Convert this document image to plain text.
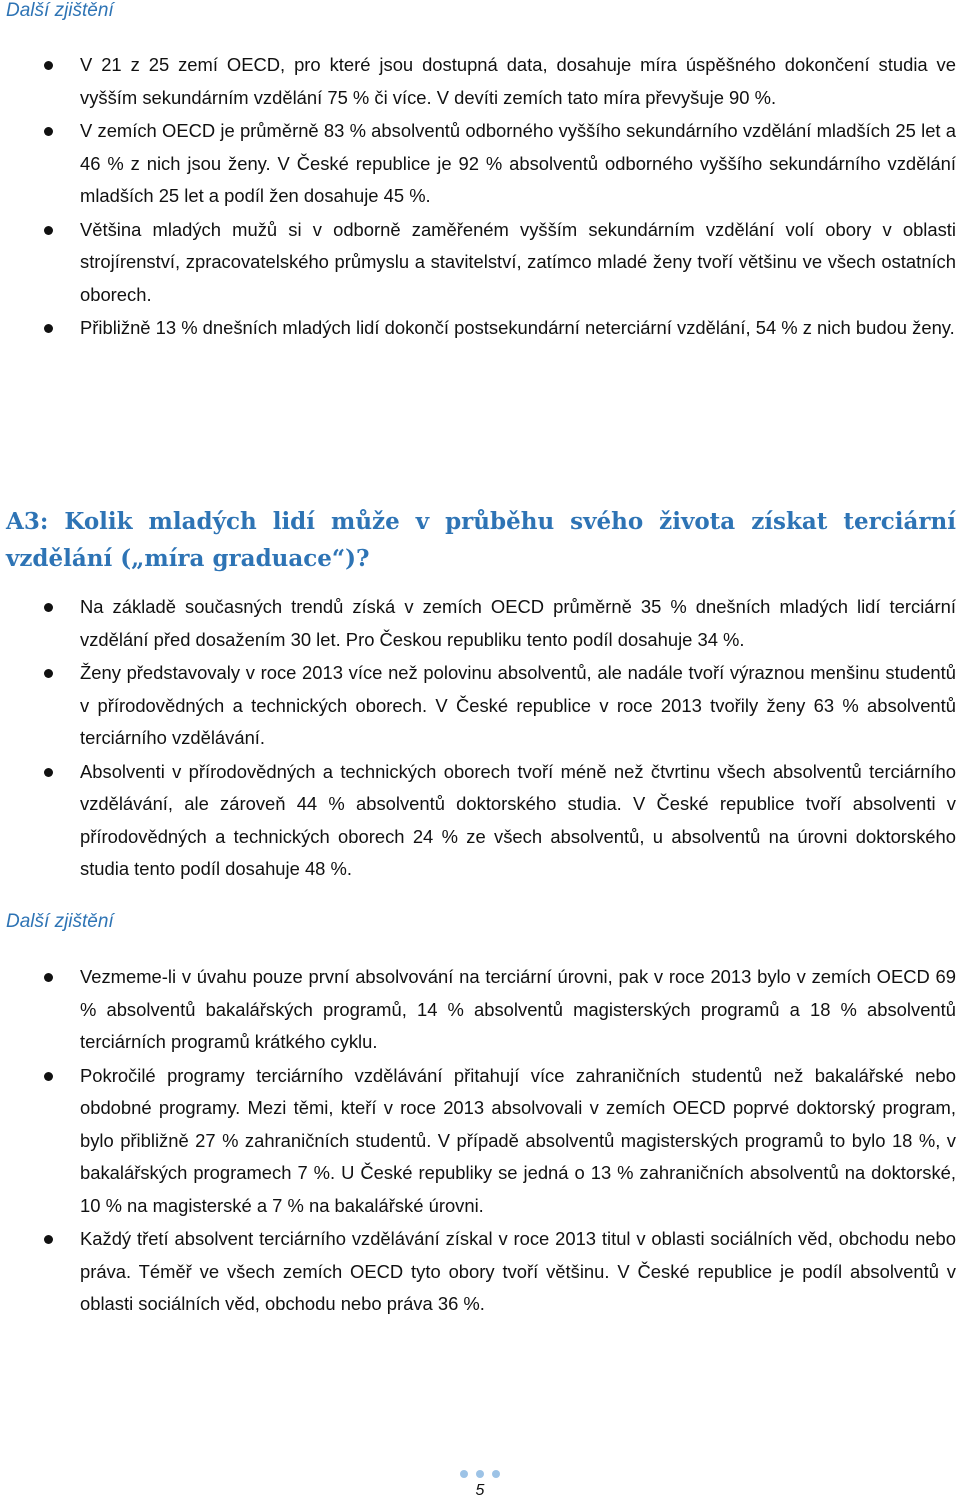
Další zjištění
V 21 z 25 zemí OECD, pro které jsou dostupná data, dosahuje míra úspěšného dokončení studia ve vyšším sekundárním vzdělání 75 % či více. V devíti zemích tato míra převyšuje 90 %.
V zemích OECD je průměrně 83 % absolventů odborného vyššího sekundárního vzdělání mladších 25 let a 46 % z nich jsou ženy. V České republice je 92 % absolventů odborného vyššího sekundárního vzdělání mladších 25 let a podíl žen dosahuje 45 %.
Většina mladých mužů si v odborně zaměřeném vyšším sekundárním vzdělání volí obory v oblasti strojírenství, zpracovatelského průmyslu a stavitelství, zatímco mladé ženy tvoří většinu ve všech ostatních oborech.
Přibližně 13 % dnešních mladých lidí dokončí postsekundární neterciární vzdělání, 54 % z nich budou ženy.
A3: Kolik mladých lidí může v průběhu svého života získat terciární vzdělání („míra graduace“)?
Na základě současných trendů získá v zemích OECD průměrně 35 % dnešních mladých lidí terciární vzdělání před dosažením 30 let. Pro Českou republiku tento podíl dosahuje 34 %.
Ženy představovaly v roce 2013 více než polovinu absolventů, ale nadále tvoří výraznou menšinu studentů v přírodovědných a technických oborech. V České republice v roce 2013 tvořily ženy 63 % absolventů terciárního vzdělávání.
Absolventi v přírodovědných a technických oborech tvoří méně než čtvrtinu všech absolventů terciárního vzdělávání, ale zároveň 44 % absolventů doktorského studia. V České republice tvoří absolventi v přírodovědných a technických oborech 24 % ze všech absolventů, u absolventů na úrovni doktorského studia tento podíl dosahuje 48 %.
Další zjištění
Vezmeme-li v úvahu pouze první absolvování na terciární úrovni, pak v roce 2013 bylo v zemích OECD 69 % absolventů bakalářských programů, 14 % absolventů magisterských programů a 18 % absolventů terciárních programů krátkého cyklu.
Pokročilé programy terciárního vzdělávání přitahují více zahraničních studentů než bakalářské nebo obdobné programy. Mezi těmi, kteří v roce 2013 absolvovali v zemích OECD poprvé doktorský program, bylo přibližně 27 % zahraničních studentů. V případě absolventů magisterských programů to bylo 18 %, v bakalářských programech 7 %. U České republiky se jedná o 13 % zahraničních absolventů na doktorské, 10 % na magisterské a 7 % na bakalářské úrovni.
Každý třetí absolvent terciárního vzdělávání získal v roce 2013 titul v oblasti sociálních věd, obchodu nebo práva. Téměř ve všech zemích OECD tyto obory tvoří většinu. V České republice je podíl absolventů v oblasti sociálních věd, obchodu nebo práva 36 %.
5
